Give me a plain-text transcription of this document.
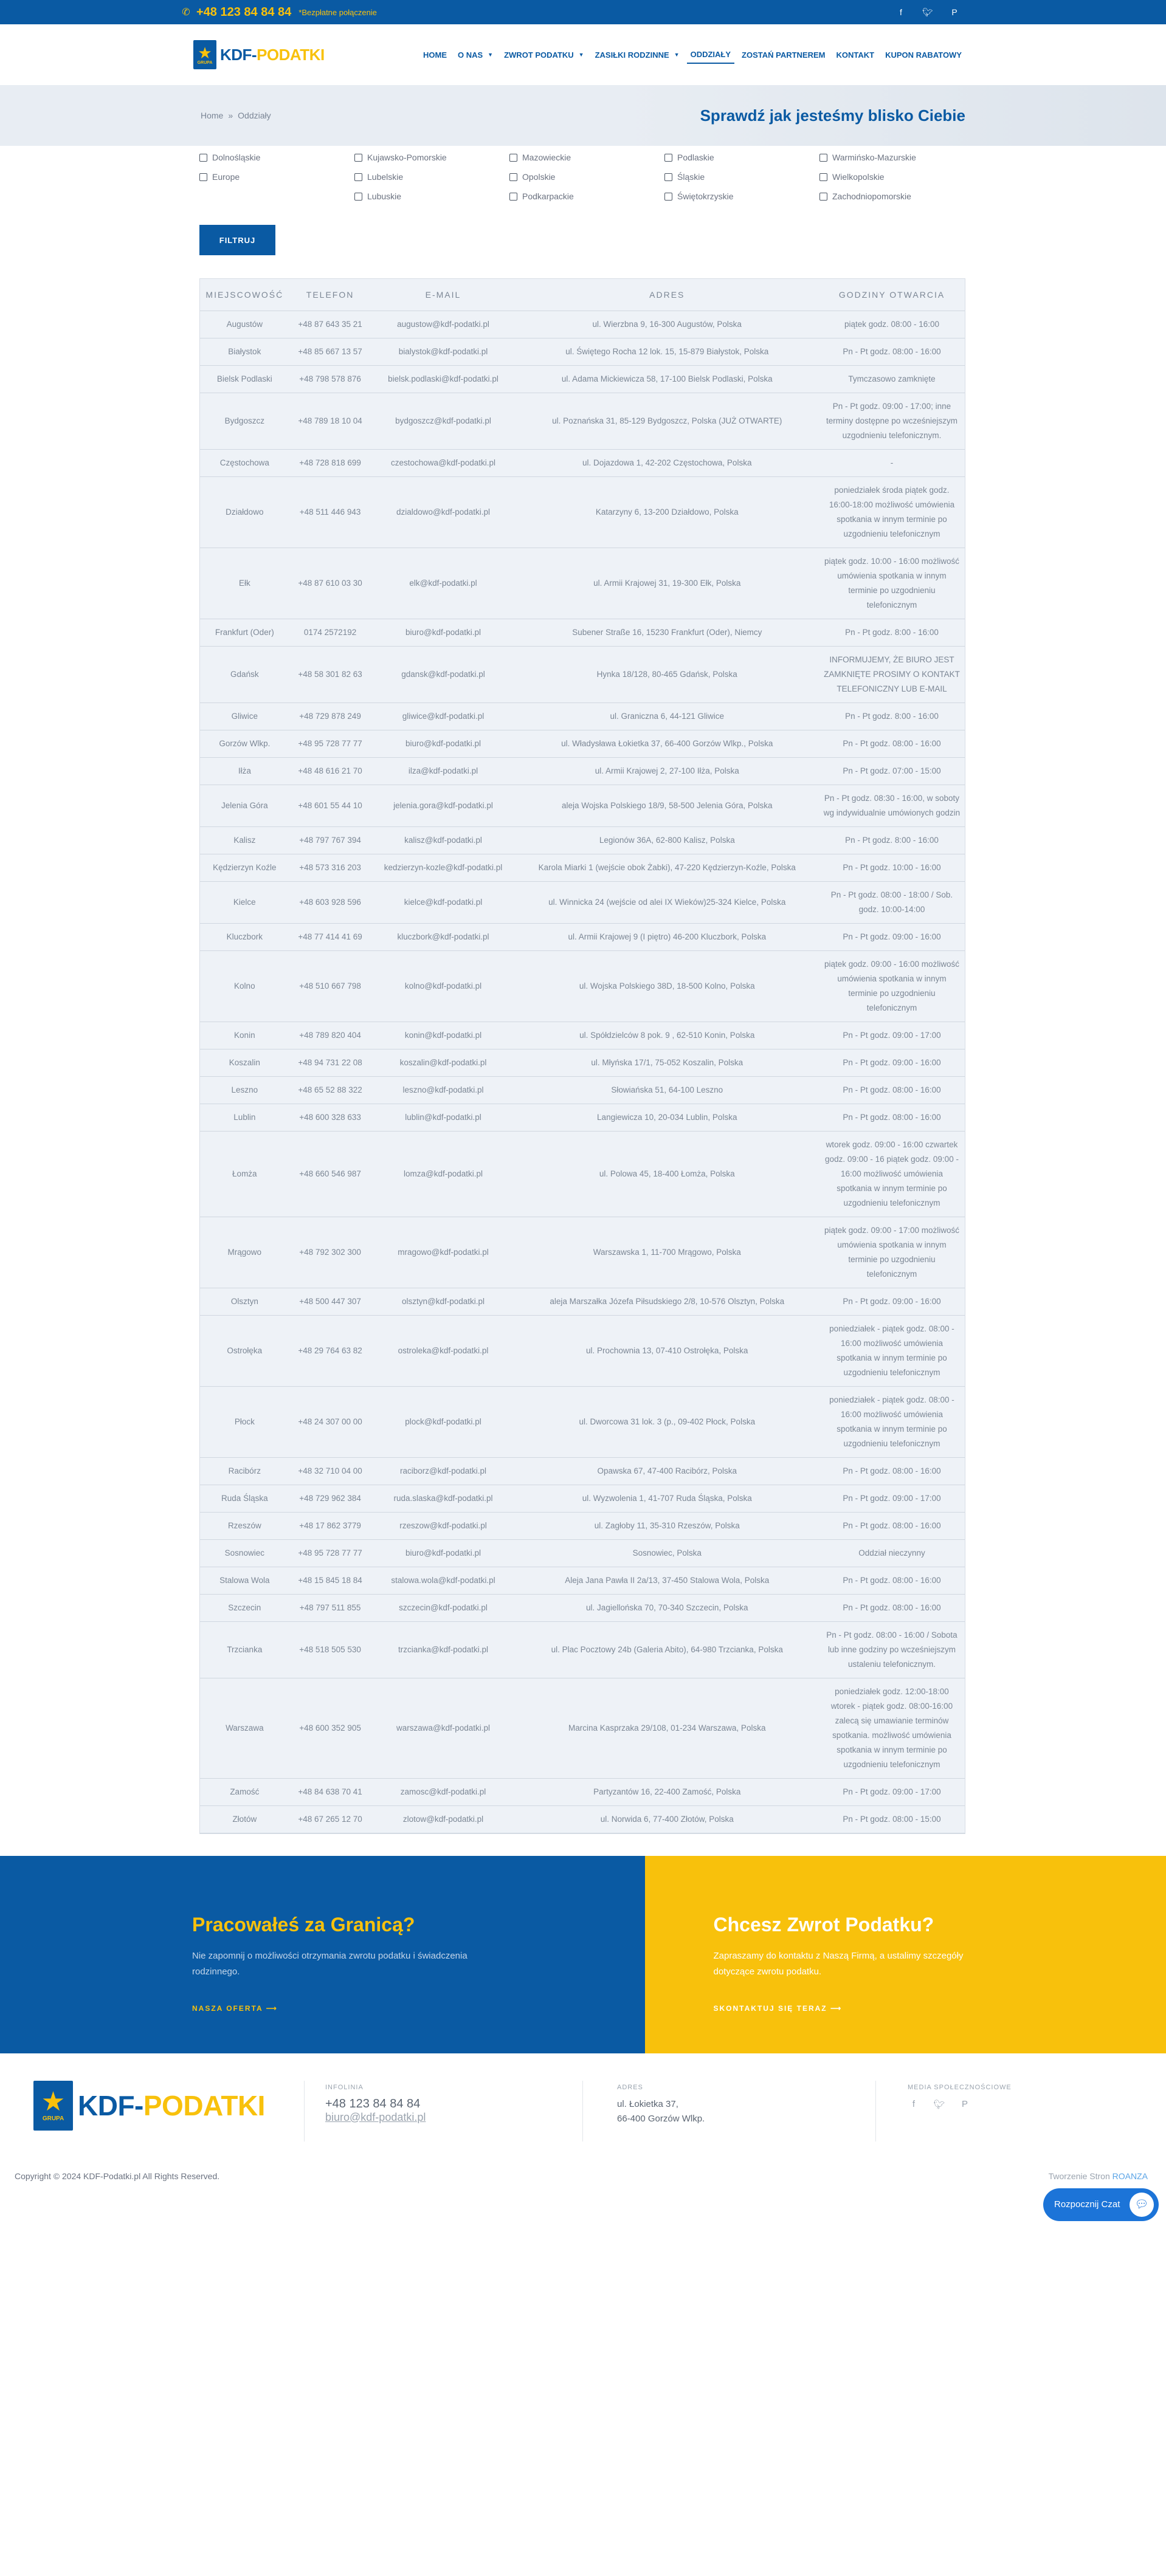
✆ +48 123 84 84 84 *Bezpłatne połączenie	f	🐦︎	P
★
GRUPA KDF-PODATKI	HOME O NAS ▼ ZWROT PODATKU ▼ ZASIŁKI RODZINNE ▼ ODDZIAŁY ZOSTAŃ PARTNEREM KONTAKT KUPON RABATOWY
Home » Oddziały	Sprawdź jak jesteśmy blisko Ciebie
Dolnośląskie	Kujawsko-Pomorskie	Mazowieckie	Podlaskie	Warmińsko-Mazurskie
Europe	Lubelskie	Opolskie	Śląskie	Wielkopolskie
Lubuskie	Podkarpackie	Świętokrzyskie	Zachodniopomorskie
FILTRUJ
MIEJSCOWOŚĆ	TELEFON	E-MAIL	ADRES	GODZINY OTWARCIA
Augustów	+48 87 643 35 21	augustow@kdf-podatki.pl	ul. Wierzbna 9, 16-300 Augustów, Polska	piątek godz. 08:00 - 16:00
Białystok	+48 85 667 13 57	bialystok@kdf-podatki.pl	ul. Świętego Rocha 12 lok. 15, 15-879 Białystok, Polska	Pn - Pt godz. 08:00 - 16:00
Bielsk Podlaski	+48 798 578 876	bielsk.podlaski@kdf-podatki.pl	ul. Adama Mickiewicza 58, 17-100 Bielsk Podlaski, Polska	Tymczasowo zamknięte
Bydgoszcz	+48 789 18 10 04	bydgoszcz@kdf-podatki.pl	ul. Poznańska 31, 85-129 Bydgoszcz, Polska (JUŻ OTWARTE)	Pn - Pt godz. 09:00 - 17:00; inne terminy dostępne po wcześniejszym uzgodnieniu telefonicznym.
Częstochowa	+48 728 818 699	czestochowa@kdf-podatki.pl	ul. Dojazdowa 1, 42-202 Częstochowa, Polska	-
Działdowo	+48 511 446 943	dzialdowo@kdf-podatki.pl	Katarzyny 6, 13-200 Działdowo, Polska	poniedziałek środa piątek godz. 16:00-18:00 możliwość umówienia spotkania w innym terminie po uzgodnieniu telefonicznym
Ełk	+48 87 610 03 30	elk@kdf-podatki.pl	ul. Armii Krajowej 31, 19-300 Ełk, Polska	piątek godz. 10:00 - 16:00 możliwość umówienia spotkania w innym terminie po uzgodnieniu telefonicznym
Frankfurt (Oder)	0174 2572192	biuro@kdf-podatki.pl	Subener Straße 16, 15230 Frankfurt (Oder), Niemcy	Pn - Pt godz. 8:00 - 16:00
Gdańsk	+48 58 301 82 63	gdansk@kdf-podatki.pl	Hynka 18/128, 80-465 Gdańsk, Polska	INFORMUJEMY, ŻE BIURO JEST ZAMKNIĘTE PROSIMY O KONTAKT TELEFONICZNY LUB E-MAIL
Gliwice	+48 729 878 249	gliwice@kdf-podatki.pl	ul. Graniczna 6, 44-121 Gliwice	Pn - Pt godz. 8:00 - 16:00
Gorzów Wlkp.	+48 95 728 77 77	biuro@kdf-podatki.pl	ul. Władysława Łokietka 37, 66-400 Gorzów Wlkp., Polska	Pn - Pt godz. 08:00 - 16:00
Iłża	+48 48 616 21 70	ilza@kdf-podatki.pl	ul. Armii Krajowej 2, 27-100 Iłża, Polska	Pn - Pt godz. 07:00 - 15:00
Jelenia Góra	+48 601 55 44 10	jelenia.gora@kdf-podatki.pl	aleja Wojska Polskiego 18/9, 58-500 Jelenia Góra, Polska	Pn - Pt godz. 08:30 - 16:00, w soboty wg indywidualnie umówionych godzin
Kalisz	+48 797 767 394	kalisz@kdf-podatki.pl	Legionów 36A, 62-800 Kalisz, Polska	Pn - Pt godz. 8:00 - 16:00
Kędzierzyn Koźle	+48 573 316 203	kedzierzyn-kozle@kdf-podatki.pl	Karola Miarki 1 (wejście obok Żabki), 47-220 Kędzierzyn-Koźle, Polska	Pn - Pt godz. 10:00 - 16:00
Kielce	+48 603 928 596	kielce@kdf-podatki.pl	ul. Winnicka 24 (wejście od alei IX Wieków)25-324 Kielce, Polska	Pn - Pt godz. 08:00 - 18:00 / Sob. godz. 10:00-14:00
Kluczbork	+48 77 414 41 69	kluczbork@kdf-podatki.pl	ul. Armii Krajowej 9 (I piętro) 46-200 Kluczbork, Polska	Pn - Pt godz. 09:00 - 16:00
Kolno	+48 510 667 798	kolno@kdf-podatki.pl	ul. Wojska Polskiego 38D, 18-500 Kolno, Polska	piątek godz. 09:00 - 16:00 możliwość umówienia spotkania w innym terminie po uzgodnieniu telefonicznym
Konin	+48 789 820 404	konin@kdf-podatki.pl	ul. Spółdzielców 8 pok. 9 , 62-510 Konin, Polska	Pn - Pt godz. 09:00 - 17:00
Koszalin	+48 94 731 22 08	koszalin@kdf-podatki.pl	ul. Młyńska 17/1, 75-052 Koszalin, Polska	Pn - Pt godz. 09:00 - 16:00
Leszno	+48 65 52 88 322	leszno@kdf-podatki.pl	Słowiańska 51, 64-100 Leszno	Pn - Pt godz. 08:00 - 16:00
Lublin	+48 600 328 633	lublin@kdf-podatki.pl	Langiewicza 10, 20-034 Lublin, Polska	Pn - Pt godz. 08:00 - 16:00
Łomża	+48 660 546 987	lomza@kdf-podatki.pl	ul. Polowa 45, 18-400 Łomża, Polska	wtorek godz. 09:00 - 16:00 czwartek godz. 09:00 - 16 piątek godz. 09:00 - 16:00 możliwość umówienia spotkania w innym terminie po uzgodnieniu telefonicznym
Mrągowo	+48 792 302 300	mragowo@kdf-podatki.pl	Warszawska 1, 11-700 Mrągowo, Polska	piątek godz. 09:00 - 17:00 możliwość umówienia spotkania w innym terminie po uzgodnieniu telefonicznym
Olsztyn	+48 500 447 307	olsztyn@kdf-podatki.pl	aleja Marszałka Józefa Piłsudskiego 2/8, 10-576 Olsztyn, Polska	Pn - Pt godz. 09:00 - 16:00
Ostrołęka	+48 29 764 63 82	ostroleka@kdf-podatki.pl	ul. Prochownia 13, 07-410 Ostrołęka, Polska	poniedziałek - piątek godz. 08:00 - 16:00 możliwość umówienia spotkania w innym terminie po uzgodnieniu telefonicznym
Płock	+48 24 307 00 00	plock@kdf-podatki.pl	ul. Dworcowa 31 lok. 3 (p., 09-402 Płock, Polska	poniedziałek - piątek godz. 08:00 - 16:00 możliwość umówienia spotkania w innym terminie po uzgodnieniu telefonicznym
Racibórz	+48 32 710 04 00	raciborz@kdf-podatki.pl	Opawska 67, 47-400 Racibórz, Polska	Pn - Pt godz. 08:00 - 16:00
Ruda Śląska	+48 729 962 384	ruda.slaska@kdf-podatki.pl	ul. Wyzwolenia 1, 41-707 Ruda Śląska, Polska	Pn - Pt godz. 09:00 - 17:00
Rzeszów	+48 17 862 3779	rzeszow@kdf-podatki.pl	ul. Zagłoby 11, 35-310 Rzeszów, Polska	Pn - Pt godz. 08:00 - 16:00
Sosnowiec	+48 95 728 77 77	biuro@kdf-podatki.pl	Sosnowiec, Polska	Oddział nieczynny
Stalowa Wola	+48 15 845 18 84	stalowa.wola@kdf-podatki.pl	Aleja Jana Pawła II 2a/13, 37-450 Stalowa Wola, Polska	Pn - Pt godz. 08:00 - 16:00
Szczecin	+48 797 511 855	szczecin@kdf-podatki.pl	ul. Jagiellońska 70, 70-340 Szczecin, Polska	Pn - Pt godz. 08:00 - 16:00
Trzcianka	+48 518 505 530	trzcianka@kdf-podatki.pl	ul. Plac Pocztowy 24b (Galeria Abito), 64-980 Trzcianka, Polska	Pn - Pt godz. 08:00 - 16:00 / Sobota lub inne godziny po wcześniejszym ustaleniu telefonicznym.
Warszawa	+48 600 352 905	warszawa@kdf-podatki.pl	Marcina Kasprzaka 29/108, 01-234 Warszawa, Polska	poniedziałek godz. 12:00-18:00 wtorek - piątek godz. 08:00-16:00 zalecą się umawianie terminów spotkania. możliwość umówienia spotkania w innym terminie po uzgodnieniu telefonicznym
Zamość	+48 84 638 70 41	zamosc@kdf-podatki.pl	Partyzantów 16, 22-400 Zamość, Polska	Pn - Pt godz. 09:00 - 17:00
Złotów	+48 67 265 12 70	zlotow@kdf-podatki.pl	ul. Norwida 6, 77-400 Złotów, Polska	Pn - Pt godz. 08:00 - 15:00
Pracowałeś za Granicą?

Nie zapomnij o możliwości otrzymania zwrotu podatku i świadczenia rodzinnego.

NASZA OFERTA ⟶
Chcesz Zwrot Podatku?

Zapraszamy do kontaktu z Naszą Firmą, a ustalimy szczegóły dotyczące zwrotu podatku.

SKONTAKTUJ SIĘ TERAZ ⟶
★
GRUPA KDF-PODATKI
INFOLINIA
+48 123 84 84 84
biuro@kdf-podatki.pl
ADRES
ul. Łokietka 37,
66-400 Gorzów Wlkp.
MEDIA SPOŁECZNOŚCIOWE
f	🐦︎	P
Copyright © 2024 KDF-Podatki.pl All Rights Reserved.	Tworzenie Stron ROANZA
Rozpocznij Czat	💬︎
